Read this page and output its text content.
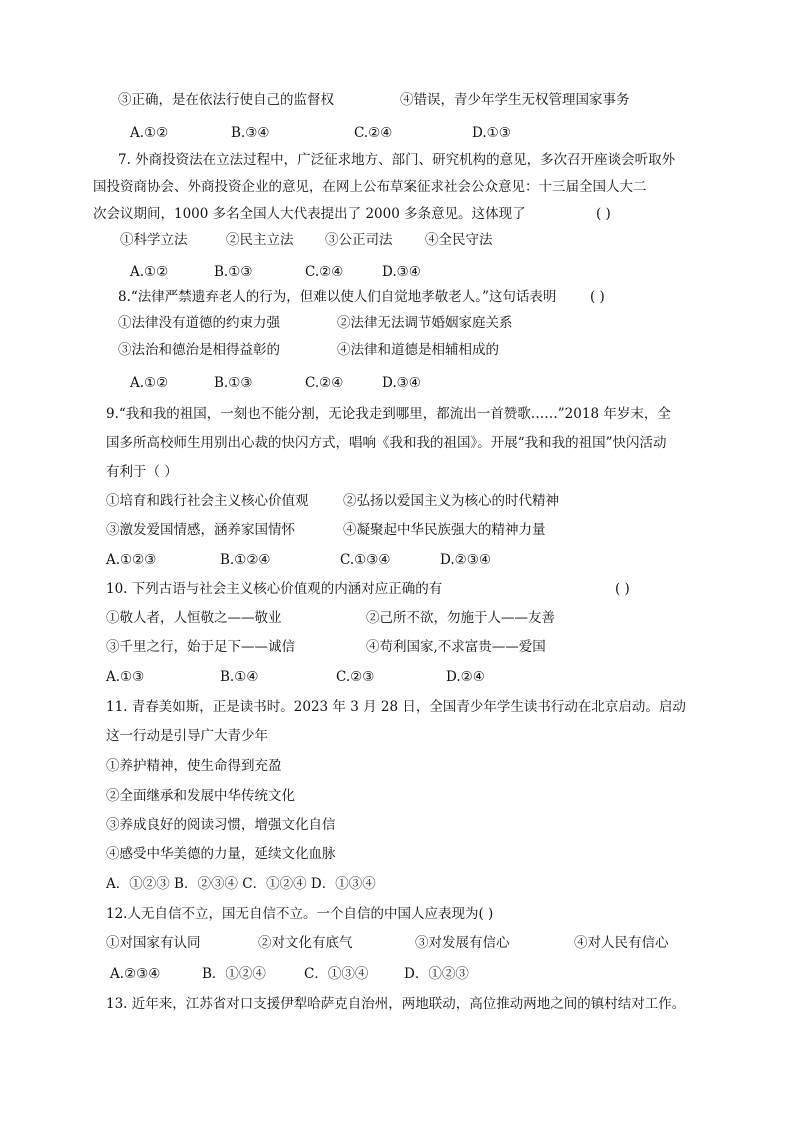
③正确，是在依法行使自己的监督权	④错误，青少年学生无权管理国家事务
A.①②	B.③④	C.②④	D.①③
7. 外商投资法在立法过程中，广泛征求地方、部门、研究机构的意见，多次召开座谈会听取外
国投资商协会、外商投资企业的意见，在网上公布草案征求社会公众意见：十三届全国人大二
次会议期间，1000 多名全国人大代表提出了 2000 多条意见。这体现了	( )
①科学立法	②民主立法 ③公正司法 ④全民守法
A.①②	B.①③	C.②④	D.③④
8.“法律严禁遗弃老人的行为，但难以使人们自觉地孝敬老人。”这句话表明 ( )
①法律没有道德的约束力强	②法律无法调节婚姻家庭关系
③法治和德治是相得益彰的	④法律和道德是相辅相成的
A.①②	B.①③	C.②④	D.③④
9.“我和我的祖国，一刻也不能分割，无论我走到哪里，都流出一首赞歌……”2018 年岁末，全
国多所高校师生用别出心裁的快闪方式，唱响《我和我的祖国》。开展“我和我的祖国”快闪活动
有利于（ ）
①培育和践行社会主义核心价值观	②弘扬以爱国主义为核心的时代精神
③激发爱国情感，涵养家国情怀	④凝聚起中华民族强大的精神力量
A.①②③	B.①②④	C.①③④	D.②③④
10. 下列古语与社会主义核心价值观的内涵对应正确的有	( )
①敬人者，人恒敬之——敬业	②己所不欲，勿施于人——友善
③千里之行，始于足下——诚信	④苟利国家,不求富贵——爱国
A.①③	B.①④	C.②③	D.②④
11. 青春美如斯，正是读书时。2023 年 3 月 28 日，全国青少年学生读书行动在北京启动。启动
这一行动是引导广大青少年
①养护精神，使生命得到充盈
②全面继承和发展中华传统文化
③养成良好的阅读习惯，增强文化自信
④感受中华美德的力量，延续文化血脉
A．①②③ B．②③④ C．①②④ D．①③④
12.人无自信不立，国无自信不立。一个自信的中国人应表现为( )
①对国家有认同	②对文化有底气	③对发展有信心	④对人民有信心
A.②③④	B．①②④	C．①③④	D．①②③
13. 近年来，江苏省对口支援伊犁哈萨克自治州，两地联动，高位推动两地之间的镇村结对工作。
